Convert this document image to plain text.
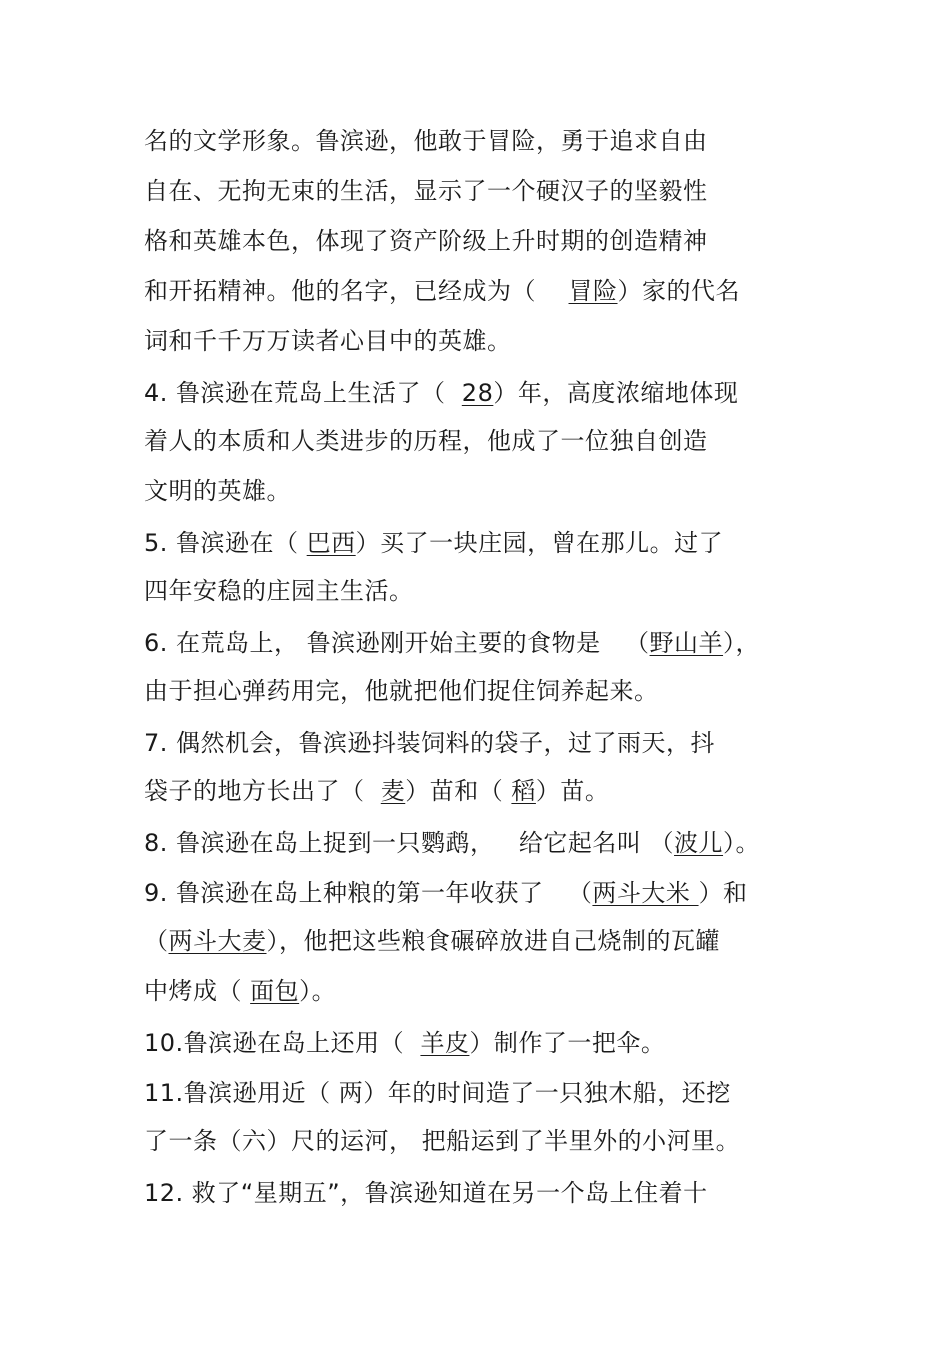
名的文学形象。鲁滨逊，他敢于冒险，勇于追求自由
自在、无拘无束的生活，显示了一个硬汉子的坚毅性
格和英雄本色，体现了资产阶级上升时期的创造精神
和开拓精神。他的名字，已经成为（    冒险）家的代名
词和千千万万读者心目中的英雄。
4. 鲁滨逊在荒岛上生活了（  28）年，高度浓缩地体现
着人的本质和人类进步的历程，他成了一位独自创造
文明的英雄。
5. 鲁滨逊在（ 巴西）买了一块庄园，曾在那儿。过了
四年安稳的庄园主生活。
6. 在荒岛上， 鲁滨逊刚开始主要的食物是   （野山羊），
由于担心弹药用完，他就把他们捉住饲养起来。
7. 偶然机会，鲁滨逊抖装饲料的袋子，过了雨天，抖
袋子的地方长出了（  麦）苗和（ 稻）苗。
8. 鲁滨逊在岛上捉到一只鹦鹉，   给它起名叫 （波儿）。
9. 鲁滨逊在岛上种粮的第一年收获了   （两斗大米 ）和
（两斗大麦），他把这些粮食碾碎放进自己烧制的瓦罐
中烤成（ 面包）。
10.鲁滨逊在岛上还用（  羊皮）制作了一把伞。
11.鲁滨逊用近（ 两）年的时间造了一只独木船，还挖
了一条（六）尺的运河， 把船运到了半里外的小河里。
12. 救了“星期五”，鲁滨逊知道在另一个岛上住着十
